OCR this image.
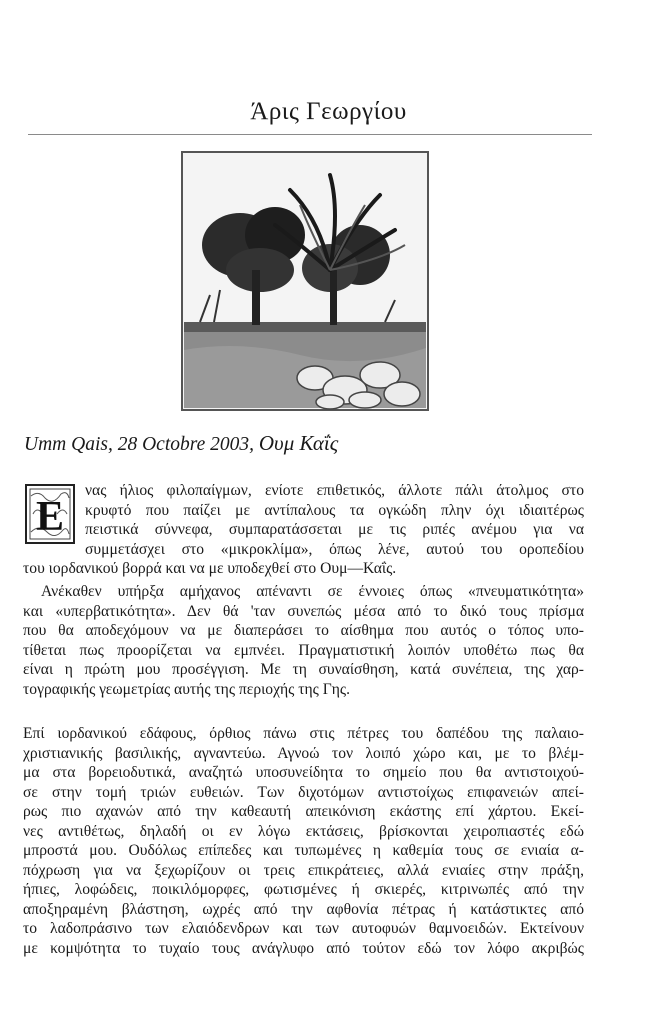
Άρις Γεωργίου
Umm Qais, 28 Octobre 2003, Ουμ Καΐς
Ε
νας ήλιος φιλοπαίγμων, ενίοτε επιθετικός, άλλοτε πάλι άτολμος στο
κρυφτό που παίζει με αντίπαλους τα ογκώδη πλην όχι ιδιαιτέρως
πειστικά σύννεφα, συμπαρατάσσεται με τις ριπές ανέμου για να
συμμετάσχει στο «μικροκλίμα», όπως λένε, αυτού του οροπεδίου
του ιορδανικού βορρά και να με υποδεχθεί στο Ουμ—Καΐς.
Ανέκαθεν υπήρξα αμήχανος απέναντι σε έννοιες όπως «πνευματικότητα»
και «υπερβατικότητα». Δεν θά 'ταν συνεπώς μέσα από το δικό τους πρίσμα
που θα αποδεχόμουν να με διαπεράσει το αίσθημα που αυτός ο τόπος υπο-
τίθεται πως προορίζεται να εμπνέει. Πραγματιστική λοιπόν υποθέτω πως θα
είναι η πρώτη μου προσέγγιση. Με τη συναίσθηση, κατά συνέπεια, της χαρ-
τογραφικής γεωμετρίας αυτής της περιοχής της Γης.
Επί ιορδανικού εδάφους, όρθιος πάνω στις πέτρες του δαπέδου της παλαιο-
χριστιανικής βασιλικής, αγναντεύω. Αγνοώ τον λοιπό χώρο και, με το βλέμ-
μα στα βορειοδυτικά, αναζητώ υποσυνείδητα το σημείο που θα αντιστοιχού-
σε στην τομή τριών ευθειών. Των διχοτόμων αντιστοίχως επιφανειών απεί-
ρως πιο αχανών από την καθεαυτή απεικόνιση εκάστης επί χάρτου. Εκεί-
νες αντιθέτως, δηλαδή οι εν λόγω εκτάσεις, βρίσκονται χειροπιαστές εδώ
μπροστά μου. Ουδόλως επίπεδες και τυπωμένες η καθεμία τους σε ενιαία α-
πόχρωση για να ξεχωρίζουν οι τρεις επικράτειες, αλλά ενιαίες στην πράξη,
ήπιες, λοφώδεις, ποικιλόμορφες, φωτισμένες ή σκιερές, κιτρινωπές από την
αποξηραμένη βλάστηση, ωχρές από την αφθονία πέτρας ή κατάστικτες από
το λαδοπράσινο των ελαιόδενδρων και των αυτοφυών θαμνοειδών. Εκτείνουν
με κομψότητα το τυχαίο τους ανάγλυφο από τούτον εδώ τον λόφο ακριβώς
